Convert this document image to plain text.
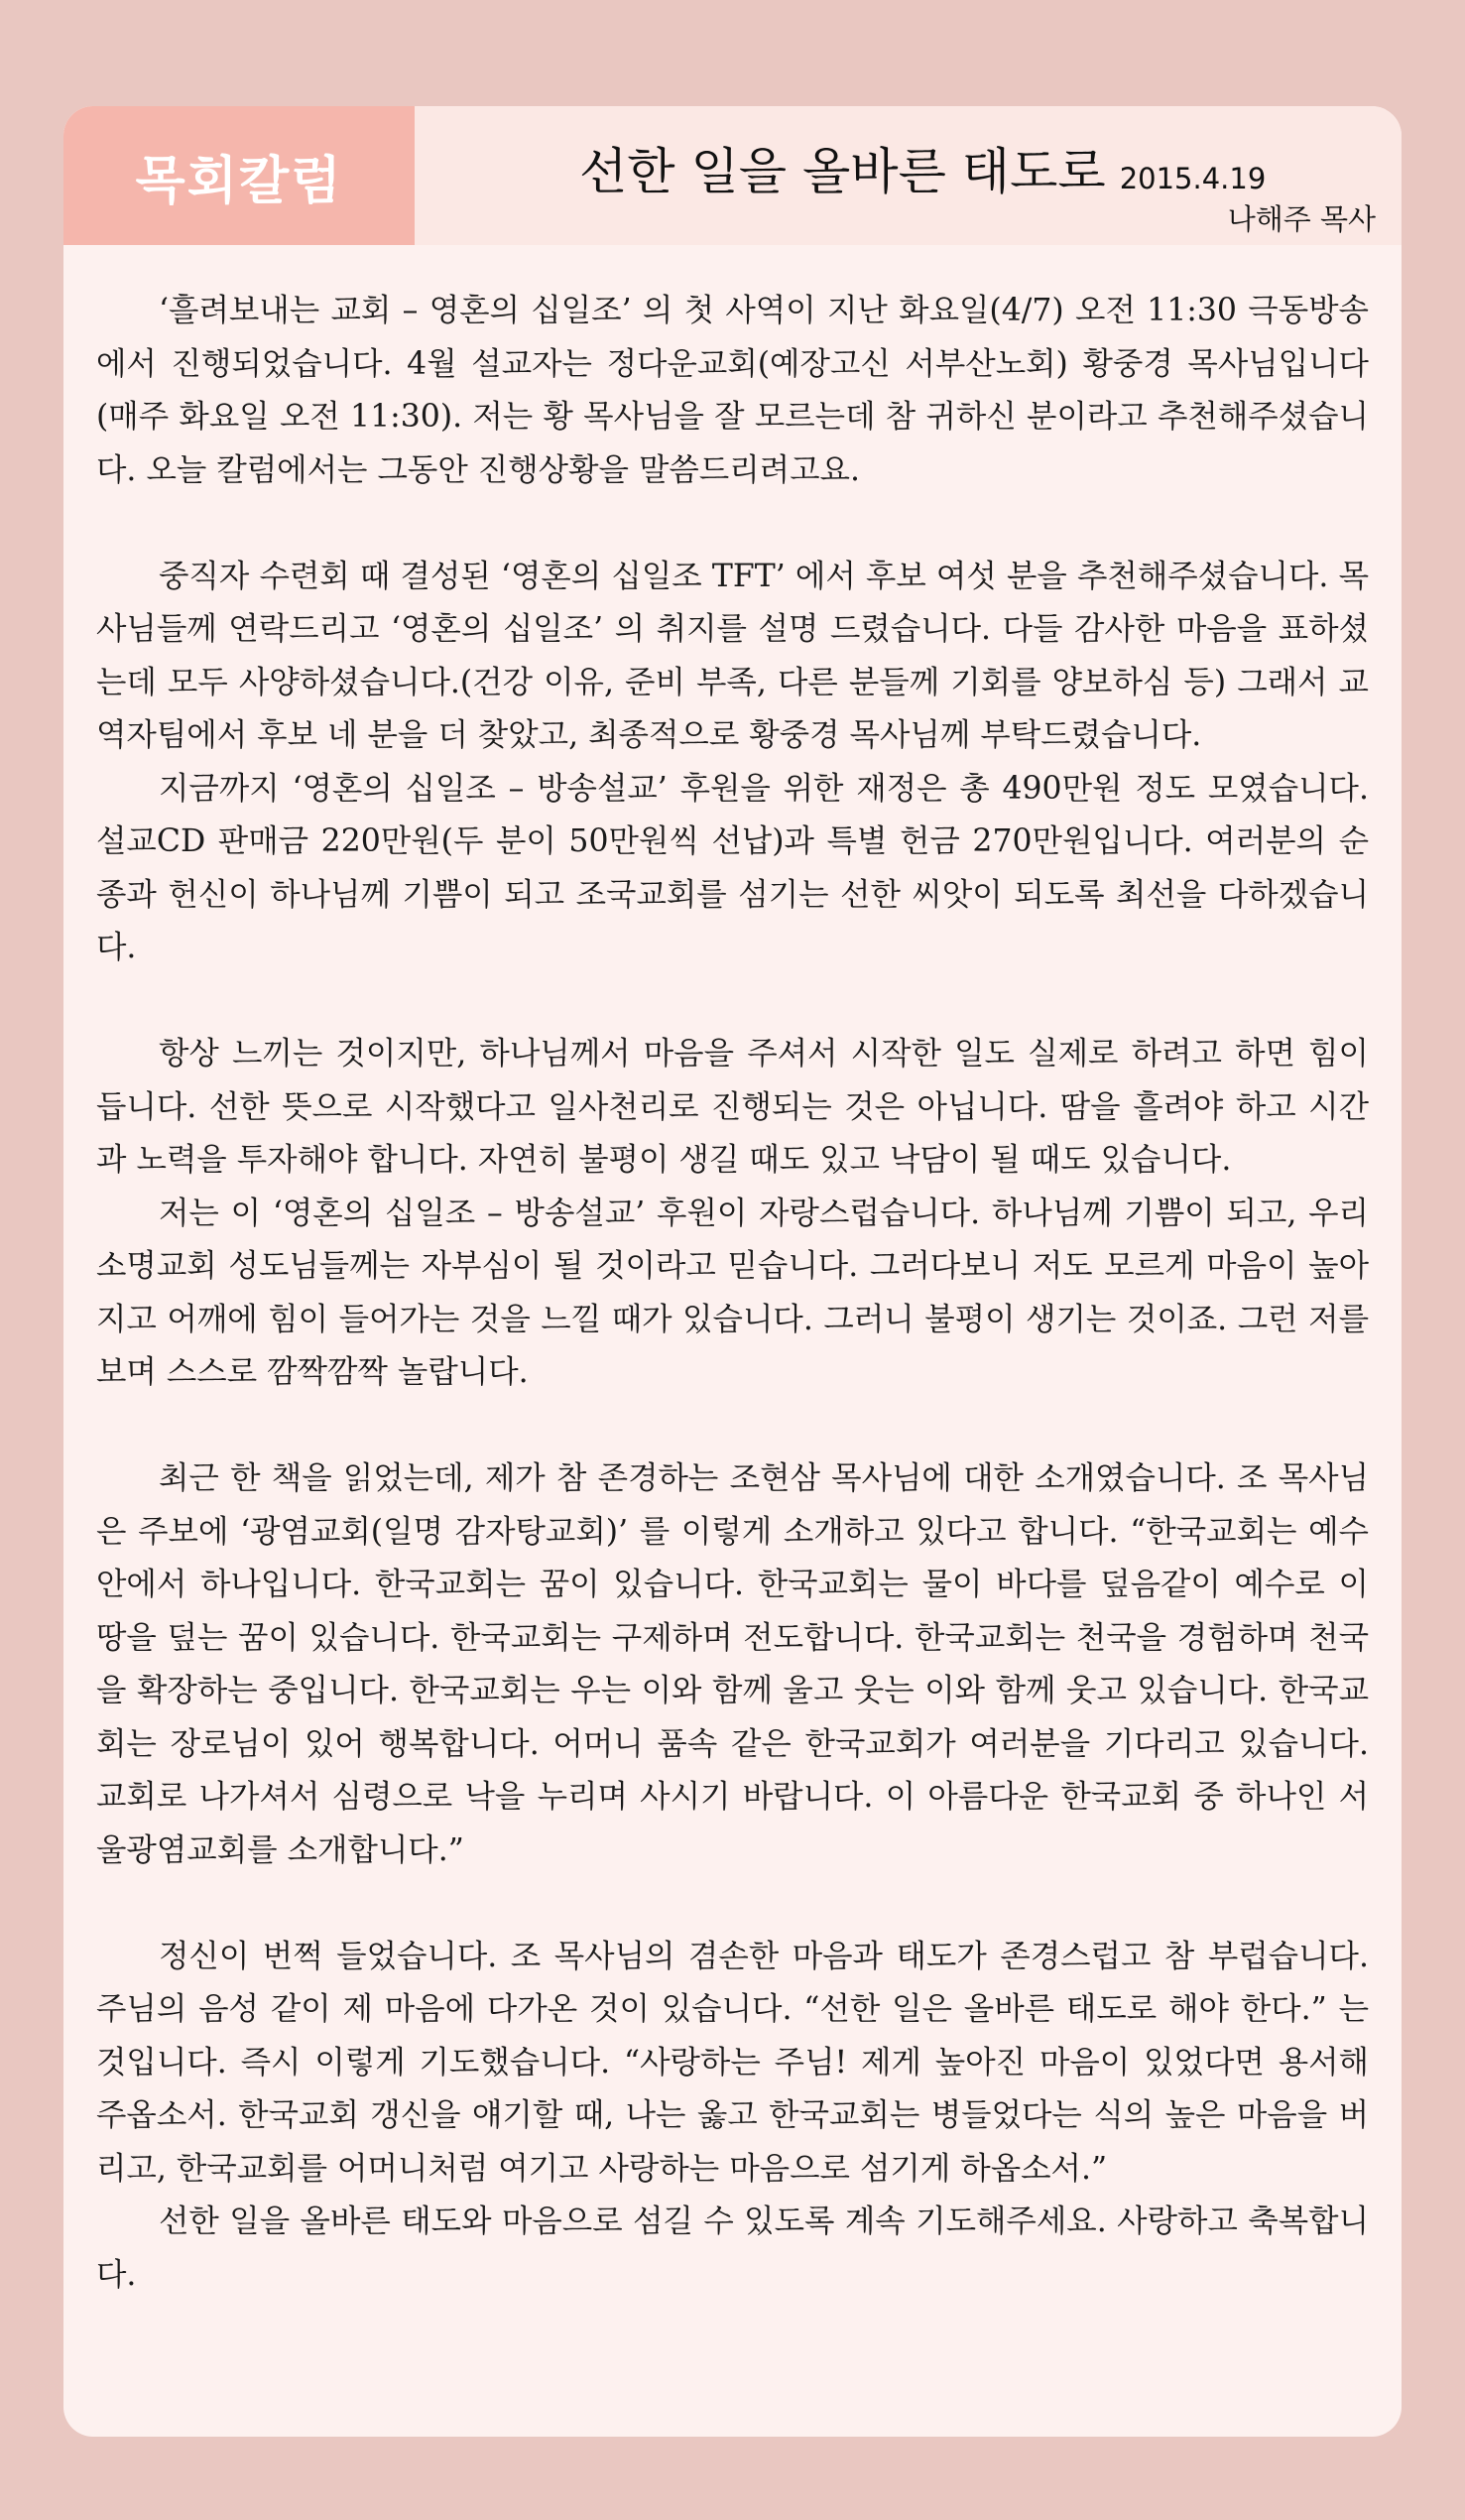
목회칼럼	선한 일을 올바른 태도로 2015.4.19
나해주 목사

‘흘려보내는 교회 – 영혼의 십일조’ 의 첫 사역이 지난 화요일(4/7) 오전 11:30 극동방송에서 진행되었습니다. 4월 설교자는 정다운교회(예장고신 서부산노회) 황중경 목사님입니다(매주 화요일 오전 11:30). 저는 황 목사님을 잘 모르는데 참 귀하신 분이라고 추천해주셨습니다. 오늘 칼럼에서는 그동안 진행상황을 말씀드리려고요.

중직자 수련회 때 결성된 ‘영혼의 십일조 TFT’ 에서 후보 여섯 분을 추천해주셨습니다. 목사님들께 연락드리고 ‘영혼의 십일조’ 의 취지를 설명 드렸습니다. 다들 감사한 마음을 표하셨는데 모두 사양하셨습니다.(건강 이유, 준비 부족, 다른 분들께 기회를 양보하심 등) 그래서 교역자팀에서 후보 네 분을 더 찾았고, 최종적으로 황중경 목사님께 부탁드렸습니다.

지금까지 ‘영혼의 십일조 – 방송설교’ 후원을 위한 재정은 총 490만원 정도 모였습니다. 설교CD 판매금 220만원(두 분이 50만원씩 선납)과 특별 헌금 270만원입니다. 여러분의 순종과 헌신이 하나님께 기쁨이 되고 조국교회를 섬기는 선한 씨앗이 되도록 최선을 다하겠습니다.

항상 느끼는 것이지만, 하나님께서 마음을 주셔서 시작한 일도 실제로 하려고 하면 힘이 듭니다. 선한 뜻으로 시작했다고 일사천리로 진행되는 것은 아닙니다. 땀을 흘려야 하고 시간과 노력을 투자해야 합니다. 자연히 불평이 생길 때도 있고 낙담이 될 때도 있습니다.

저는 이 ‘영혼의 십일조 – 방송설교’ 후원이 자랑스럽습니다. 하나님께 기쁨이 되고, 우리 소명교회 성도님들께는 자부심이 될 것이라고 믿습니다. 그러다보니 저도 모르게 마음이 높아지고 어깨에 힘이 들어가는 것을 느낄 때가 있습니다. 그러니 불평이 생기는 것이죠. 그런 저를 보며 스스로 깜짝깜짝 놀랍니다.

최근 한 책을 읽었는데, 제가 참 존경하는 조현삼 목사님에 대한 소개였습니다. 조 목사님은 주보에 ‘광염교회(일명 감자탕교회)’ 를 이렇게 소개하고 있다고 합니다. “한국교회는 예수 안에서 하나입니다. 한국교회는 꿈이 있습니다. 한국교회는 물이 바다를 덮음같이 예수로 이 땅을 덮는 꿈이 있습니다. 한국교회는 구제하며 전도합니다. 한국교회는 천국을 경험하며 천국을 확장하는 중입니다. 한국교회는 우는 이와 함께 울고 웃는 이와 함께 웃고 있습니다. 한국교회는 장로님이 있어 행복합니다. 어머니 품속 같은 한국교회가 여러분을 기다리고 있습니다. 교회로 나가셔서 심령으로 낙을 누리며 사시기 바랍니다. 이 아름다운 한국교회 중 하나인 서울광염교회를 소개합니다.”

정신이 번쩍 들었습니다. 조 목사님의 겸손한 마음과 태도가 존경스럽고 참 부럽습니다. 주님의 음성 같이 제 마음에 다가온 것이 있습니다. “선한 일은 올바른 태도로 해야 한다.” 는 것입니다. 즉시 이렇게 기도했습니다. “사랑하는 주님! 제게 높아진 마음이 있었다면 용서해 주옵소서. 한국교회 갱신을 얘기할 때, 나는 옳고 한국교회는 병들었다는 식의 높은 마음을 버리고, 한국교회를 어머니처럼 여기고 사랑하는 마음으로 섬기게 하옵소서.”

선한 일을 올바른 태도와 마음으로 섬길 수 있도록 계속 기도해주세요. 사랑하고 축복합니다.
